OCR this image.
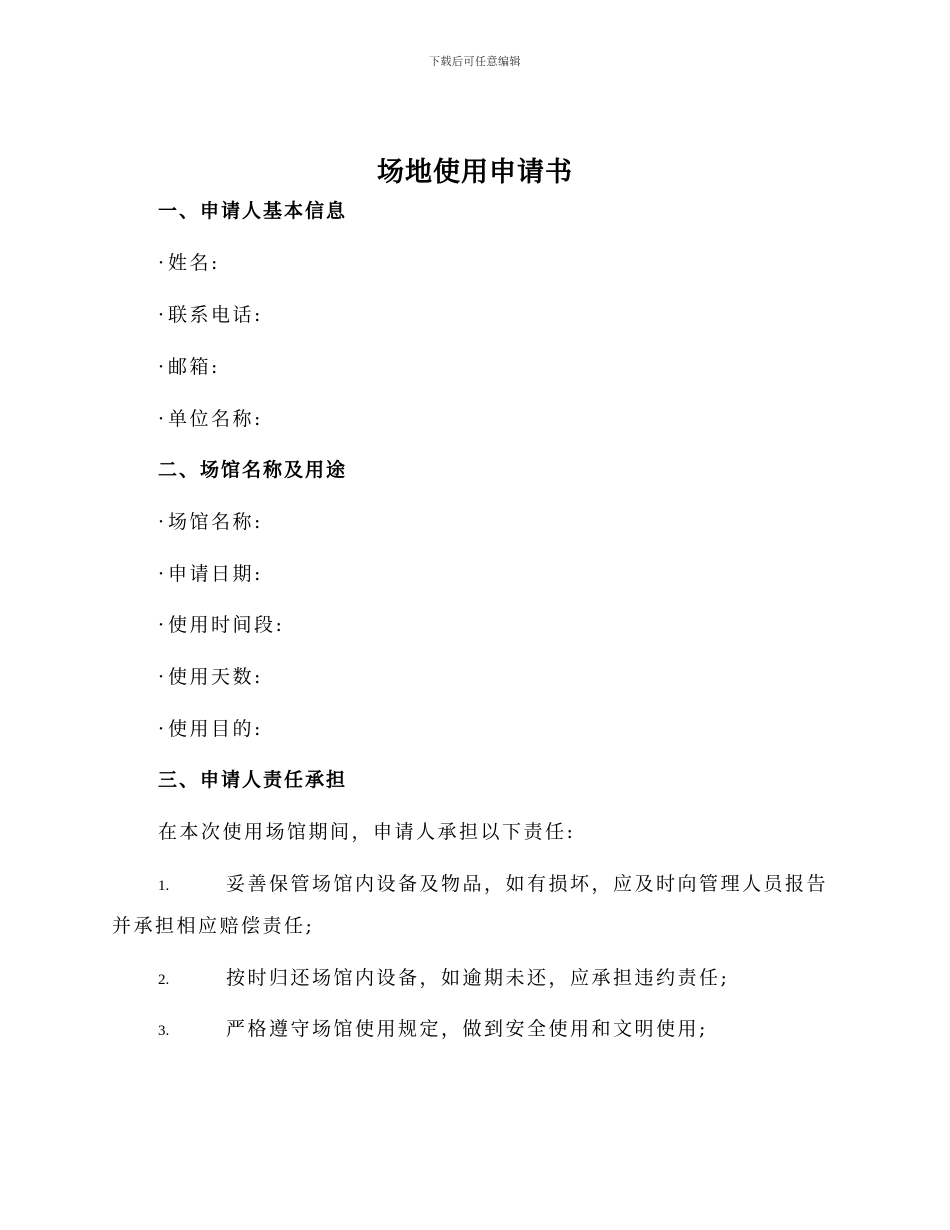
下载后可任意编辑
场地使用申请书
一、申请人基本信息
· 姓名:
· 联系电话:
· 邮箱:
· 单位名称:
二、场馆名称及用途
· 场馆名称:
· 申请日期:
· 使用时间段:
· 使用天数:
· 使用目的:
三、申请人责任承担
在本次使用场馆期间，申请人承担以下责任:
1.	妥善保管场馆内设备及物品，如有损坏，应及时向管理人员报告
并承担相应赔偿责任;
2.	按时归还场馆内设备，如逾期未还，应承担违约责任;
3.	严格遵守场馆使用规定，做到安全使用和文明使用;
